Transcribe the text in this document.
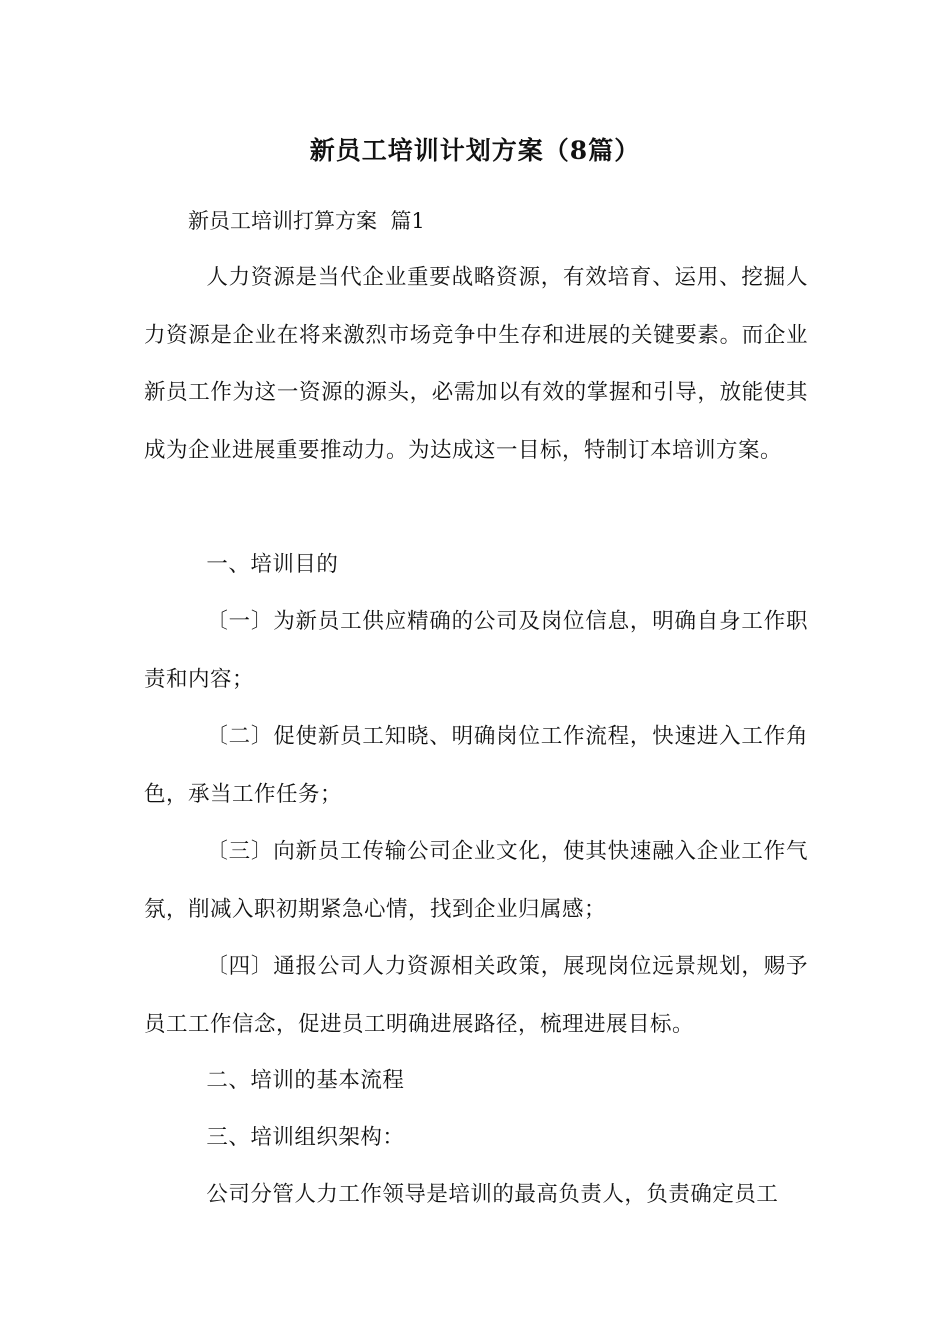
新员工培训计划方案（8篇）
新员工培训打算方案  篇1
人力资源是当代企业重要战略资源，有效培育、运用、挖掘人力资源是企业在将来激烈市场竞争中生存和进展的关键要素。而企业新员工作为这一资源的源头，必需加以有效的掌握和引导，放能使其成为企业进展重要推动力。为达成这一目标，特制订本培训方案。
一、培训目的
〔一〕为新员工供应精确的公司及岗位信息，明确自身工作职责和内容；
〔二〕促使新员工知晓、明确岗位工作流程，快速进入工作角色，承当工作任务；
〔三〕向新员工传输公司企业文化，使其快速融入企业工作气氛，削减入职初期紧急心情，找到企业归属感；
〔四〕通报公司人力资源相关政策，展现岗位远景规划，赐予员工工作信念，促进员工明确进展路径，梳理进展目标。
二、培训的基本流程
三、培训组织架构：
公司分管人力工作领导是培训的最高负责人，负责确定员工
